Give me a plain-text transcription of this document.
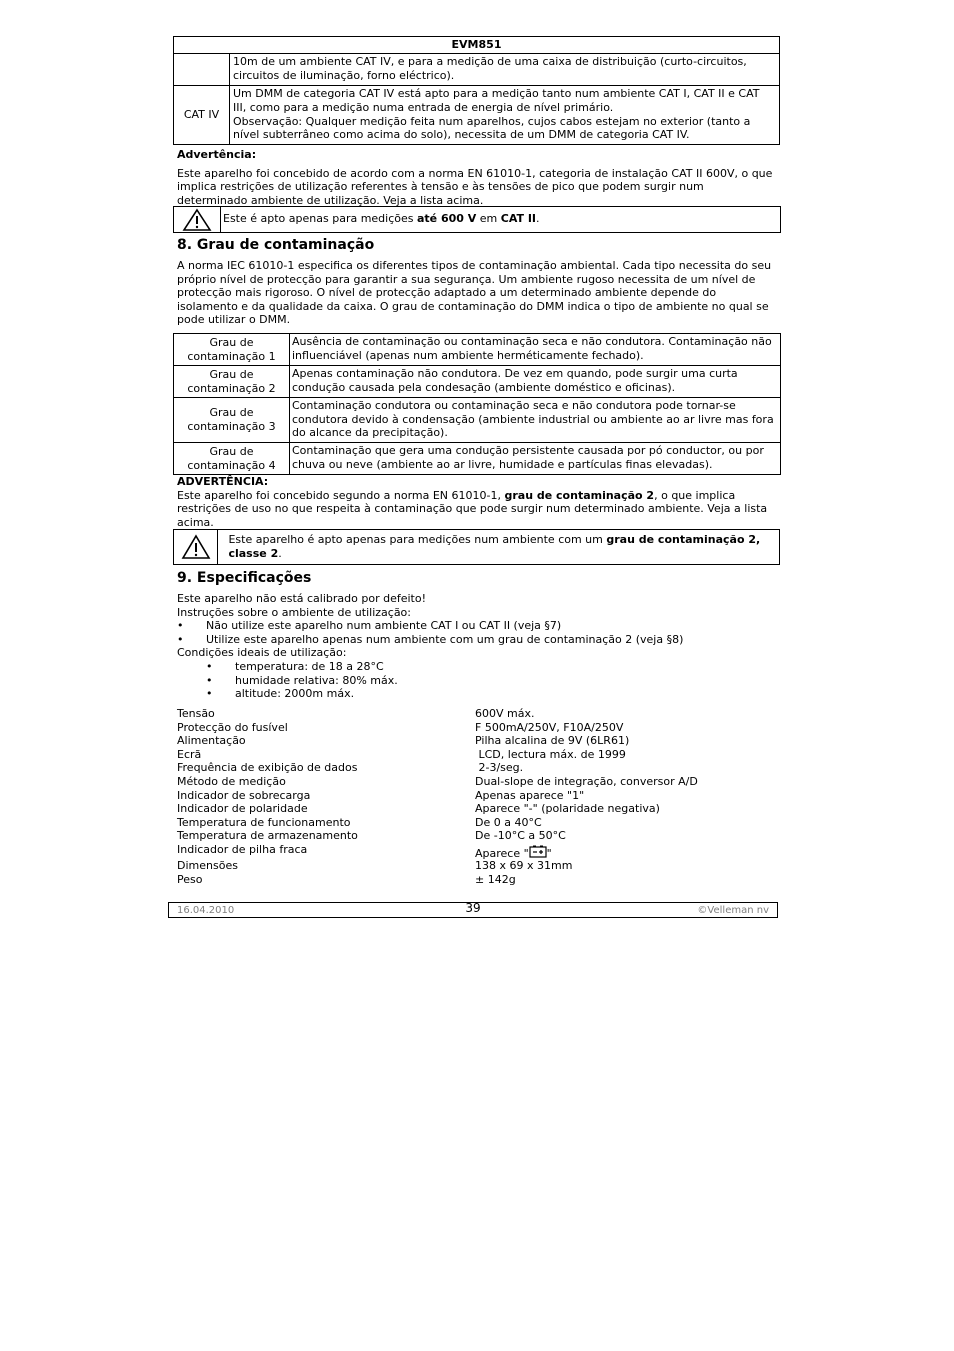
EVM851
	10m de um ambiente CAT IV, e para a medição de uma caixa de distribuição (curto-circuitos, circuitos de iluminação, forno eléctrico).
CAT IV	Um DMM de categoria CAT IV está apto para a medição tanto num ambiente CAT I, CAT II e CAT III, como para a medição numa entrada de energia de nível primário.
Observação: Qualquer medição feita num aparelhos, cujos cabos estejam no exterior (tanto a nível subterrâneo como acima do solo), necessita de um DMM de categoria CAT IV.
Advertência:
Este aparelho foi concebido de acordo com a norma EN 61010-1, categoria de instalação CAT II 600V, o que implica restrições de utilização referentes à tensão e às tensões de pico que podem surgir num determinado ambiente de utilização. Veja a lista acima.
Este é apto apenas para medições até 600 V em CAT II.
8. Grau de contaminação
A norma IEC 61010-1 especifica os diferentes tipos de contaminação ambiental. Cada tipo necessita do seu próprio nível de protecção para garantir a sua segurança. Um ambiente rugoso necessita de um nível de protecção mais rigoroso. O nível de protecção adaptado a um determinado ambiente depende do isolamento e da qualidade da caixa. O grau de contaminação do DMM indica o tipo de ambiente no qual se pode utilizar o DMM.
Grau de contaminação 1	Ausência de contaminação ou contaminação seca e não condutora. Contaminação não influenciável (apenas num ambiente herméticamente fechado).
Grau de contaminação 2	Apenas contaminação não condutora. De vez em quando, pode surgir uma curta condução causada pela condesação (ambiente doméstico e oficinas).
Grau de contaminação 3	Contaminação condutora ou contaminação seca e não condutora pode tornar-se condutora devido à condensação (ambiente industrial ou ambiente ao ar livre mas fora do alcance da precipitação).
Grau de contaminação 4	Contaminação que gera uma condução persistente causada por pó conductor, ou por chuva ou neve (ambiente ao ar livre, humidade e partículas finas elevadas).
ADVERTÊNCIA:
Este aparelho foi concebido segundo a norma EN 61010-1, grau de contaminação 2, o que implica restrições de uso no que respeita à contaminação que pode surgir num determinado ambiente. Veja a lista acima.
Este aparelho é apto apenas para medições num ambiente com um grau de contaminação 2, classe 2.
9. Especificações
Este aparelho não está calibrado por defeito!
Instruções sobre o ambiente de utilização:
• Não utilize este aparelho num ambiente CAT I ou CAT II (veja §7)
• Utilize este aparelho apenas num ambiente com um grau de contaminação 2 (veja §8)
Condições ideais de utilização:
• temperatura: de 18 a 28°C
• humidade relativa: 80% máx.
• altitude: 2000m máx.
Tensão	600V máx.
Protecção do fusível	F 500mA/250V, F10A/250V
Alimentação	Pilha alcalina de 9V (6LR61)
Ecrã	LCD, lectura máx. de 1999
Frequência de exibição de dados	2-3/seg.
Método de medição	Dual-slope de integração, conversor A/D
Indicador de sobrecarga	Apenas aparece "1"
Indicador de polaridade	Aparece "-" (polaridade negativa)
Temperatura de funcionamento	De 0 a 40°C
Temperatura de armazenamento	De -10°C a 50°C
Indicador de pilha fraca	Aparece " "
Dimensões	138 x 69 x 31mm
Peso	± 142g
16.04.2010	39	©Velleman nv
